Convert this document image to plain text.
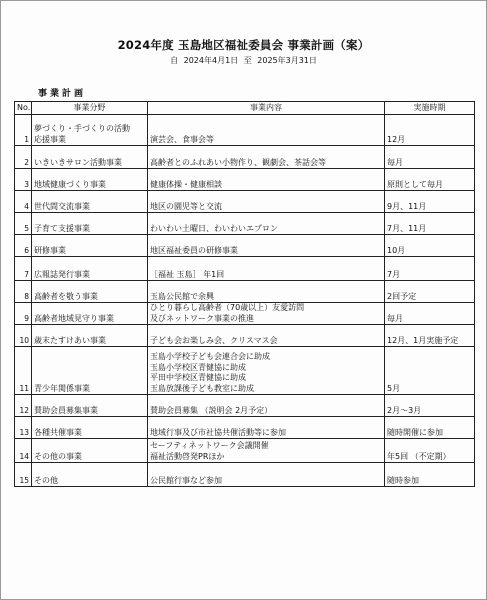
2024年度 玉島地区福祉委員会 事業計画（案）
自 2024年4月1日 至 2025年3月31日
事業計画
No.	事業分野	事業内容	実施時期

1	夢づくり・手づくりの活動
応援事業	演芸会、食事会等	12月

2	いきいきサロン活動事業	高齢者とのふれあい小物作り、観劇会、茶話会等	毎月

3	地域健康づくり事業	健康体操・健康相談	原則として毎月

4	世代間交流事業	地区の園児等と交流	9月、11月

5	子育て支援事業	わいわい土曜日、わいわいエプロン	7月、11月

6	研修事業	地区福祉委員の研修事業	10月

7	広報誌発行事業	［福祉 玉島］ 年1回	7月

8	高齢者を敬う事業	玉島公民館で余興	2回予定

9	高齢者地域見守り事業	ひとり暮らし高齢者（70歳以上）友愛訪問
及びネットワーク事業の推進	毎月

10	歳末たすけあい事業	子ども会お楽しみ会、クリスマス会	12月、1月実施予定

11	青少年関係事業	玉島小学校子ども会連合会に助成
玉島小学校区青健協に助成
平田中学校区青健協に助成
玉島放課後子ども教室に助成	5月

12	賛助会員募集事業	賛助会員募集 （説明会 2月予定）	2月～3月

13	各種共催事業	地域行事及び市社協共催活動等に参加	随時開催に参加

14	その他の事業	セーフティネットワーク会議開催
福祉活動啓発PRほか	年5回 （不定期）

15	その他	公民館行事など参加	随時参加
